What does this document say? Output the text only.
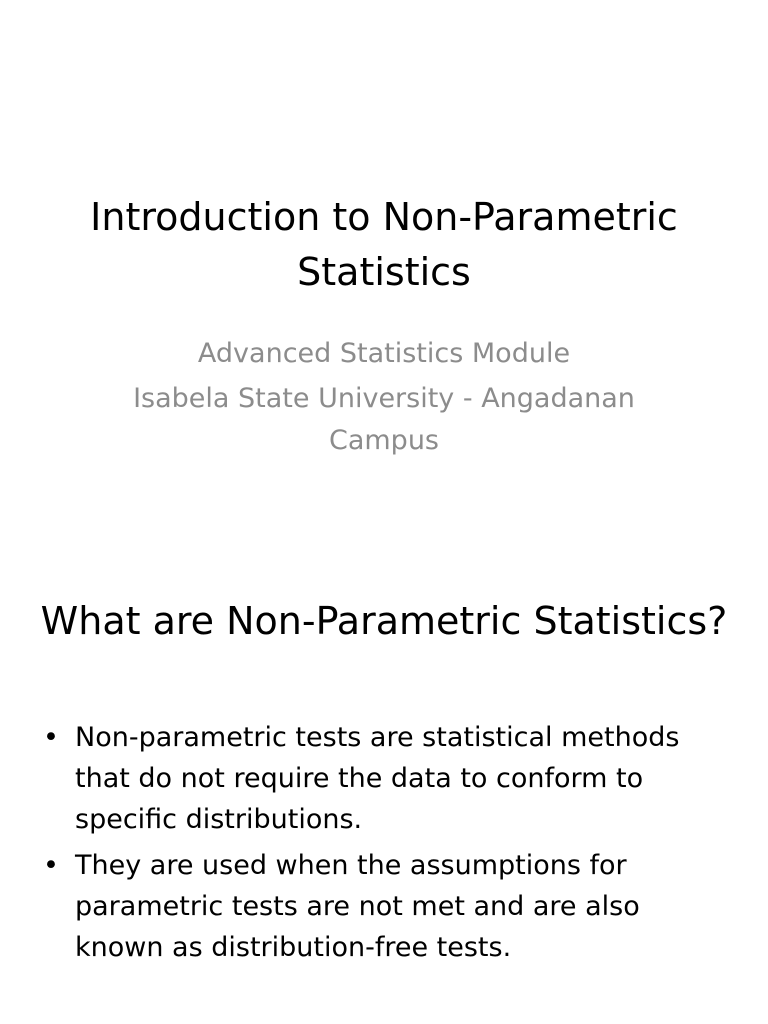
Introduction to Non-Parametric Statistics
Advanced Statistics Module
Isabela State University - Angadanan Campus
What are Non-Parametric Statistics?
• Non-parametric tests are statistical methods that do not require the data to conform to specific distributions.
• They are used when the assumptions for parametric tests are not met and are also known as distribution-free tests.
